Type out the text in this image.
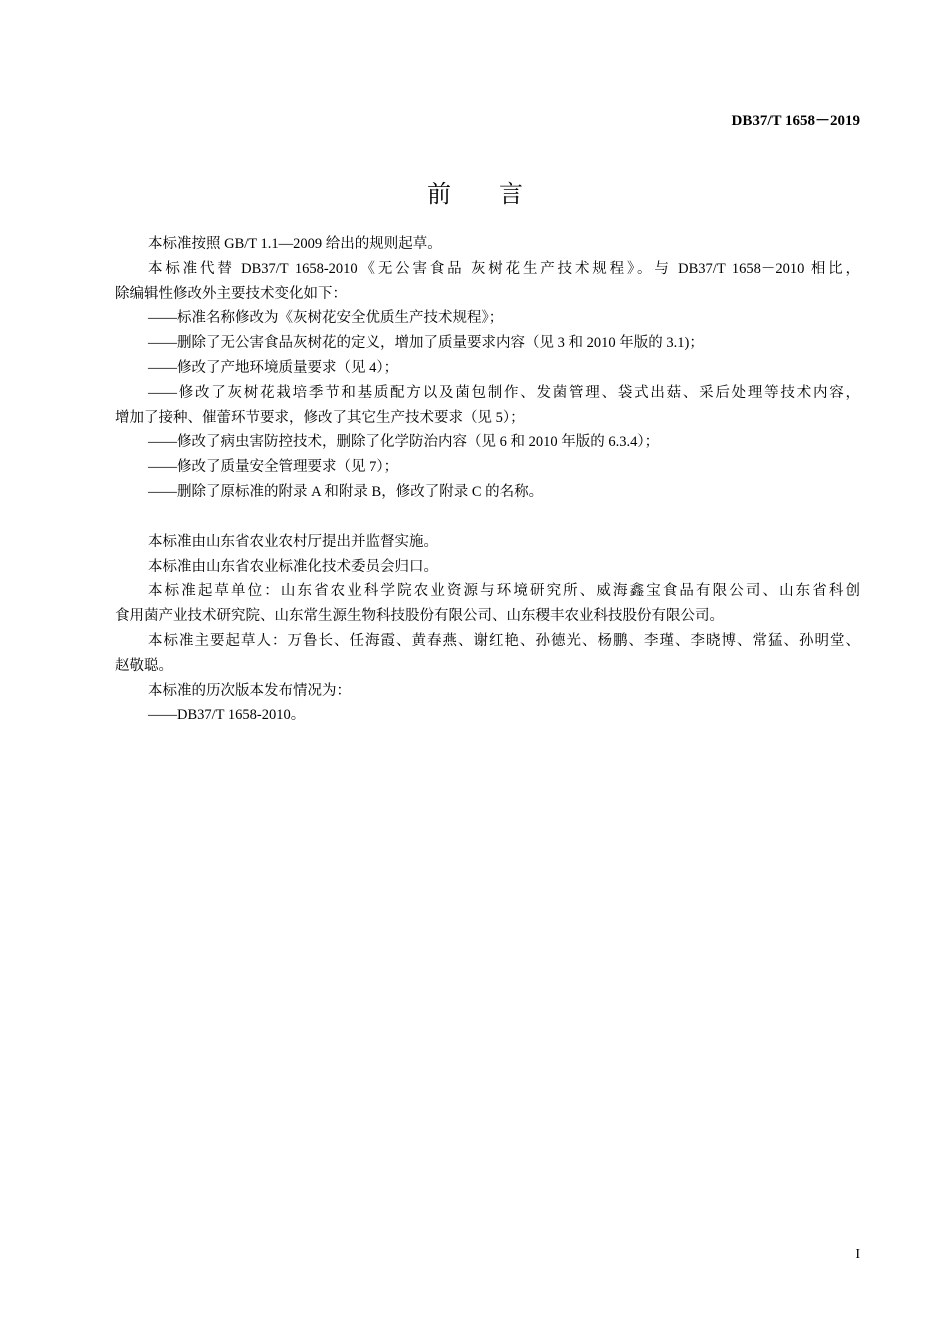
DB37/T 1658－2019
前 言
本标准按照 GB/T 1.1—2009 给出的规则起草。
本标准代替 DB37/T 1658-2010《无公害食品 灰树花生产技术规程》。与 DB37/T 1658－2010 相比，
除编辑性修改外主要技术变化如下：
——标准名称修改为《灰树花安全优质生产技术规程》；
——删除了无公害食品灰树花的定义，增加了质量要求内容（见 3 和 2010 年版的 3.1)；
——修改了产地环境质量要求（见 4）；
——修改了灰树花栽培季节和基质配方以及菌包制作、发菌管理、袋式出菇、采后处理等技术内容，
增加了接种、催蕾环节要求，修改了其它生产技术要求（见 5）；
——修改了病虫害防控技术，删除了化学防治内容（见 6 和 2010 年版的 6.3.4）；
——修改了质量安全管理要求（见 7）；
——删除了原标准的附录 A 和附录 B，修改了附录 C 的名称。
本标准由山东省农业农村厅提出并监督实施。
本标准由山东省农业标准化技术委员会归口。
本标准起草单位：山东省农业科学院农业资源与环境研究所、威海鑫宝食品有限公司、山东省科创
食用菌产业技术研究院、山东常生源生物科技股份有限公司、山东稷丰农业科技股份有限公司。
本标准主要起草人：万鲁长、任海霞、黄春燕、谢红艳、孙德光、杨鹏、李瑾、李晓博、常猛、孙明堂、
赵敬聪。
本标准的历次版本发布情况为：
——DB37/T 1658-2010。
I
